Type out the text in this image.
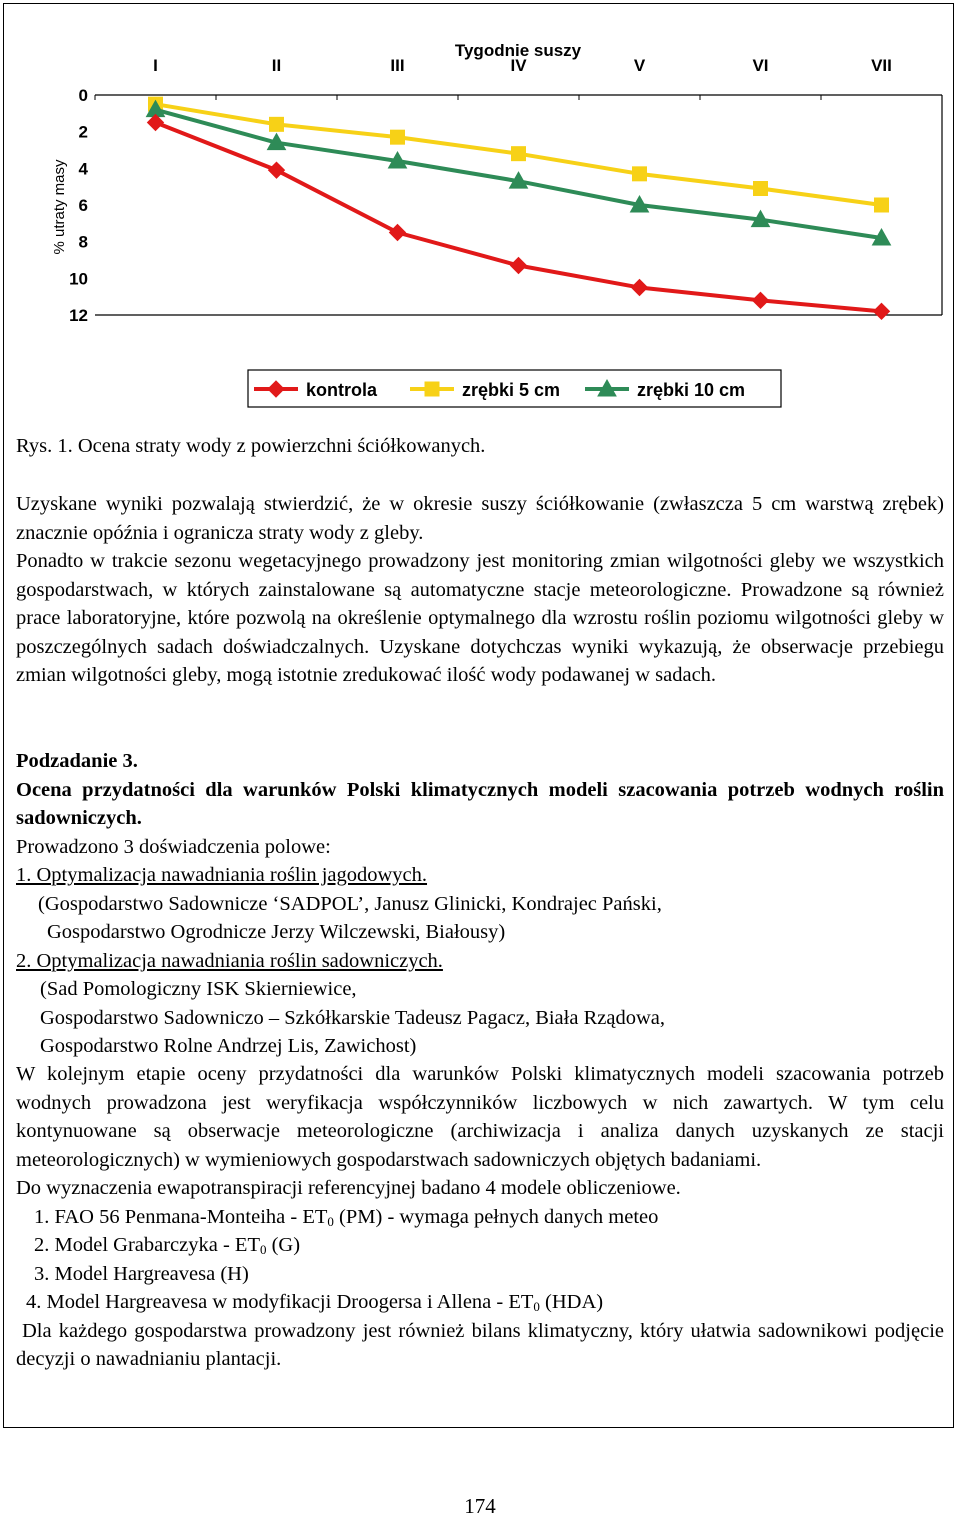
Tygodnie suszy
% utraty masy
I	II	III	IV	V	VI	VII
0
2
4
6
8
10
12
kontrola	zrębki 5 cm	zrębki 10 cm
Rys. 1. Ocena straty wody z powierzchni ściółkowanych.

Uzyskane wyniki pozwalają stwierdzić, że w okresie suszy ściółkowanie (zwłaszcza 5 cm warstwą zrębek) znacznie opóźnia i ogranicza straty wody z gleby.

Ponadto w trakcie sezonu wegetacyjnego prowadzony jest monitoring zmian wilgotności gleby we wszystkich gospodarstwach, w których zainstalowane są automatyczne stacje meteorologiczne. Prowadzone są również prace laboratoryjne, które pozwolą na określenie optymalnego dla wzrostu roślin poziomu wilgotności gleby w poszczególnych sadach doświadczalnych. Uzyskane dotychczas wyniki wykazują, że obserwacje przebiegu zmian wilgotności gleby, mogą istotnie zredukować ilość wody podawanej w sadach.

Podzadanie 3.
Ocena przydatności dla warunków Polski klimatycznych modeli szacowania potrzeb wodnych roślin sadowniczych.
Prowadzono 3 doświadczenia polowe:
1. Optymalizacja nawadniania roślin jagodowych.
(Gospodarstwo Sadownicze ‘SADPOL’, Janusz Glinicki, Kondrajec Pański,
Gospodarstwo Ogrodnicze Jerzy Wilczewski, Białousy)
2. Optymalizacja nawadniania roślin sadowniczych.
(Sad Pomologiczny ISK Skierniewice,
Gospodarstwo Sadowniczo – Szkółkarskie Tadeusz Pagacz, Biała Rządowa,
Gospodarstwo Rolne Andrzej Lis, Zawichost)

W kolejnym etapie oceny przydatności dla warunków Polski klimatycznych modeli szacowania potrzeb wodnych prowadzona jest weryfikacja współczynników liczbowych w nich zawartych. W tym celu kontynuowane są obserwacje meteorologiczne (archiwizacja i analiza danych uzyskanych ze stacji meteorologicznych) w wymieniowych gospodarstwach sadowniczych objętych badaniami.

Do wyznaczenia ewapotranspiracji referencyjnej badano 4 modele obliczeniowe.

1. FAO 56 Penmana-Monteiha - $ET_0$ (PM) - wymaga pełnych danych meteo
2. Model Grabarczyka - $ET_0$ (G)
3. Model Hargreavesa (H)
4. Model Hargreavesa w modyfikacji Droogersa i Allena - $ET_0$ (HDA)

Dla każdego gospodarstwa prowadzony jest również bilans klimatyczny, który ułatwia sadownikowi podjęcie decyzji o nawadnianiu plantacji.

174
